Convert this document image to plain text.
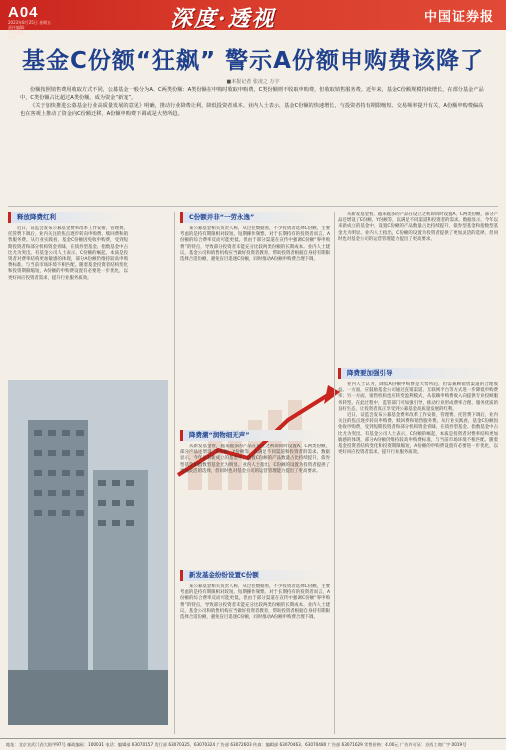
A04
2023年8月25日 星期五
责任编辑：
美术编辑：
校对：
深度·透视	中国证券报
基金C份额“狂飙” 警示A份额申购费该降了
■本报记者 张凌之 万宇

份额按照销售费用收取方式不同，公募基金一般分为A、C两类份额：A类份额在申购时收取申购费，C类份额则不收取申购费，但收取销售服务费。近年来，基金C份额规模持续增长，在部分基金产品中，C类份额占比超过A类份额，成为资金“新宠”。

《关于加快推进公募基金行业高质量发展的意见》明确，推动行业降费让利，降低投资者成本。业内人士表示，基金C份额的快速增长，与投资者持有期限缩短、交易频率提升有关，A份额申购费偏高也在客观上推动了资金向C份额迁移，A份额申购费下调或是大势所趋。

释放降费红利

近日，证监会发布公募基金费率改革工作安排，管理费、托管费下调后，业内关注的焦点逐步转向申购费、赎回费和销售服务费。从行业实践看，基金C份额因免收申购费，受到短期投资者和部分机构资金青睐，在债券型基金、指数基金中占比尤为突出。有基金公司人士表示，C份额的崛起，本质是投资者对费率结构更加敏感的体现，部分A份额仍维持较高申购费标准，与当前市场环境不相匹配。随着基金投资者结构变化和投资期限缩短，A份额的申购费设置有必要进一步优化，以更好回应投资者需求，提升行业服务质效。

C份额并非“一劳永逸”

某公募基金相关负责人称，从过往数据看，不少投资者选择C份额，主要考虑的是持有期限相对较短、短期操作频繁。对于长期持有的投资者而言，A份额的综合费率反而可能更低。但由于部分渠道在宣传中强调C份额“零申购费”的特点，导致部分投资者未能充分比较两类份额的长期成本。业内人士建议，基金公司和销售机构应当做好投资者教育，帮助投资者根据自身持有期限选择合适份额，避免盲目追逐C份额，同时推动A份额申购费合理下调。

降费潮“润物细无声”

从新发基金看，越来越多的产品在设立之初即同时设置A、C两类份额，部分产品还增设了E份额、Y份额等，以满足不同渠道和投资者的需求。数据显示，今年以来新成立的基金中，设置C份额的产品数量占比持续提升，债券型基金和指数型基金尤为明显。业内人士指出，C份额的设置为投资者提供了更加灵活的选择，但同时也对基金公司的运营管理能力提出了更高要求。

新发基金纷纷设置C份额

某公募基金相关负责人称，从过往数据看，不少投资者选择C份额，主要考虑的是持有期限相对较短、短期操作频繁。对于长期持有的投资者而言，A份额的综合费率反而可能更低。但由于部分渠道在宣传中强调C份额“零申购费”的特点，导致部分投资者未能充分比较两类份额的长期成本。业内人士建议，基金公司和销售机构应当做好投资者教育，帮助投资者根据自身持有期限选择合适份额，避免盲目追逐C份额，同时推动A份额申购费合理下调。

从新发基金看，越来越多的产品在设立之初即同时设置A、C两类份额，部分产品还增设了E份额、Y份额等，以满足不同渠道和投资者的需求。数据显示，今年以来新成立的基金中，设置C份额的产品数量占比持续提升，债券型基金和指数型基金尤为明显。业内人士指出，C份额的设置为投资者提供了更加灵活的选择，但同时也对基金公司的运营管理能力提出了更高要求。

降费要加强引导

业内人士认为，降低A份额申购费是大势所趋，但需兼顾销售渠道的合理收益。一方面，应鼓励基金公司通过直销渠道、互联网平台等方式进一步降低申购费率；另一方面，销售机构也应转变盈利模式，从依赖申购费收入向提供专业投顾服务转型。在此过程中，监管部门可加强引导，推动行业形成费率合理、服务优质的良好生态，让投资者真正享受到公募基金高质量发展的红利。

近日，证监会发布公募基金费率改革工作安排，管理费、托管费下调后，业内关注的焦点逐步转向申购费、赎回费和销售服务费。从行业实践看，基金C份额因免收申购费，受到短期投资者和部分机构资金青睐，在债券型基金、指数基金中占比尤为突出。有基金公司人士表示，C份额的崛起，本质是投资者对费率结构更加敏感的体现，部分A份额仍维持较高申购费标准，与当前市场环境不相匹配。随着基金投资者结构变化和投资期限缩短，A份额的申购费设置有必要进一步优化，以更好回应投资者需求，提升行业服务质效。

地址：北京宣武门西大街甲97号 邮政编码：100031 电话：编辑部 63070157 发行部 63070325、63070324 广告部 63072603 传真：编辑部 63070463、63070480 广告部 63071629 零售价格：4.00元 广告许可证：京西工商广字 0019号
